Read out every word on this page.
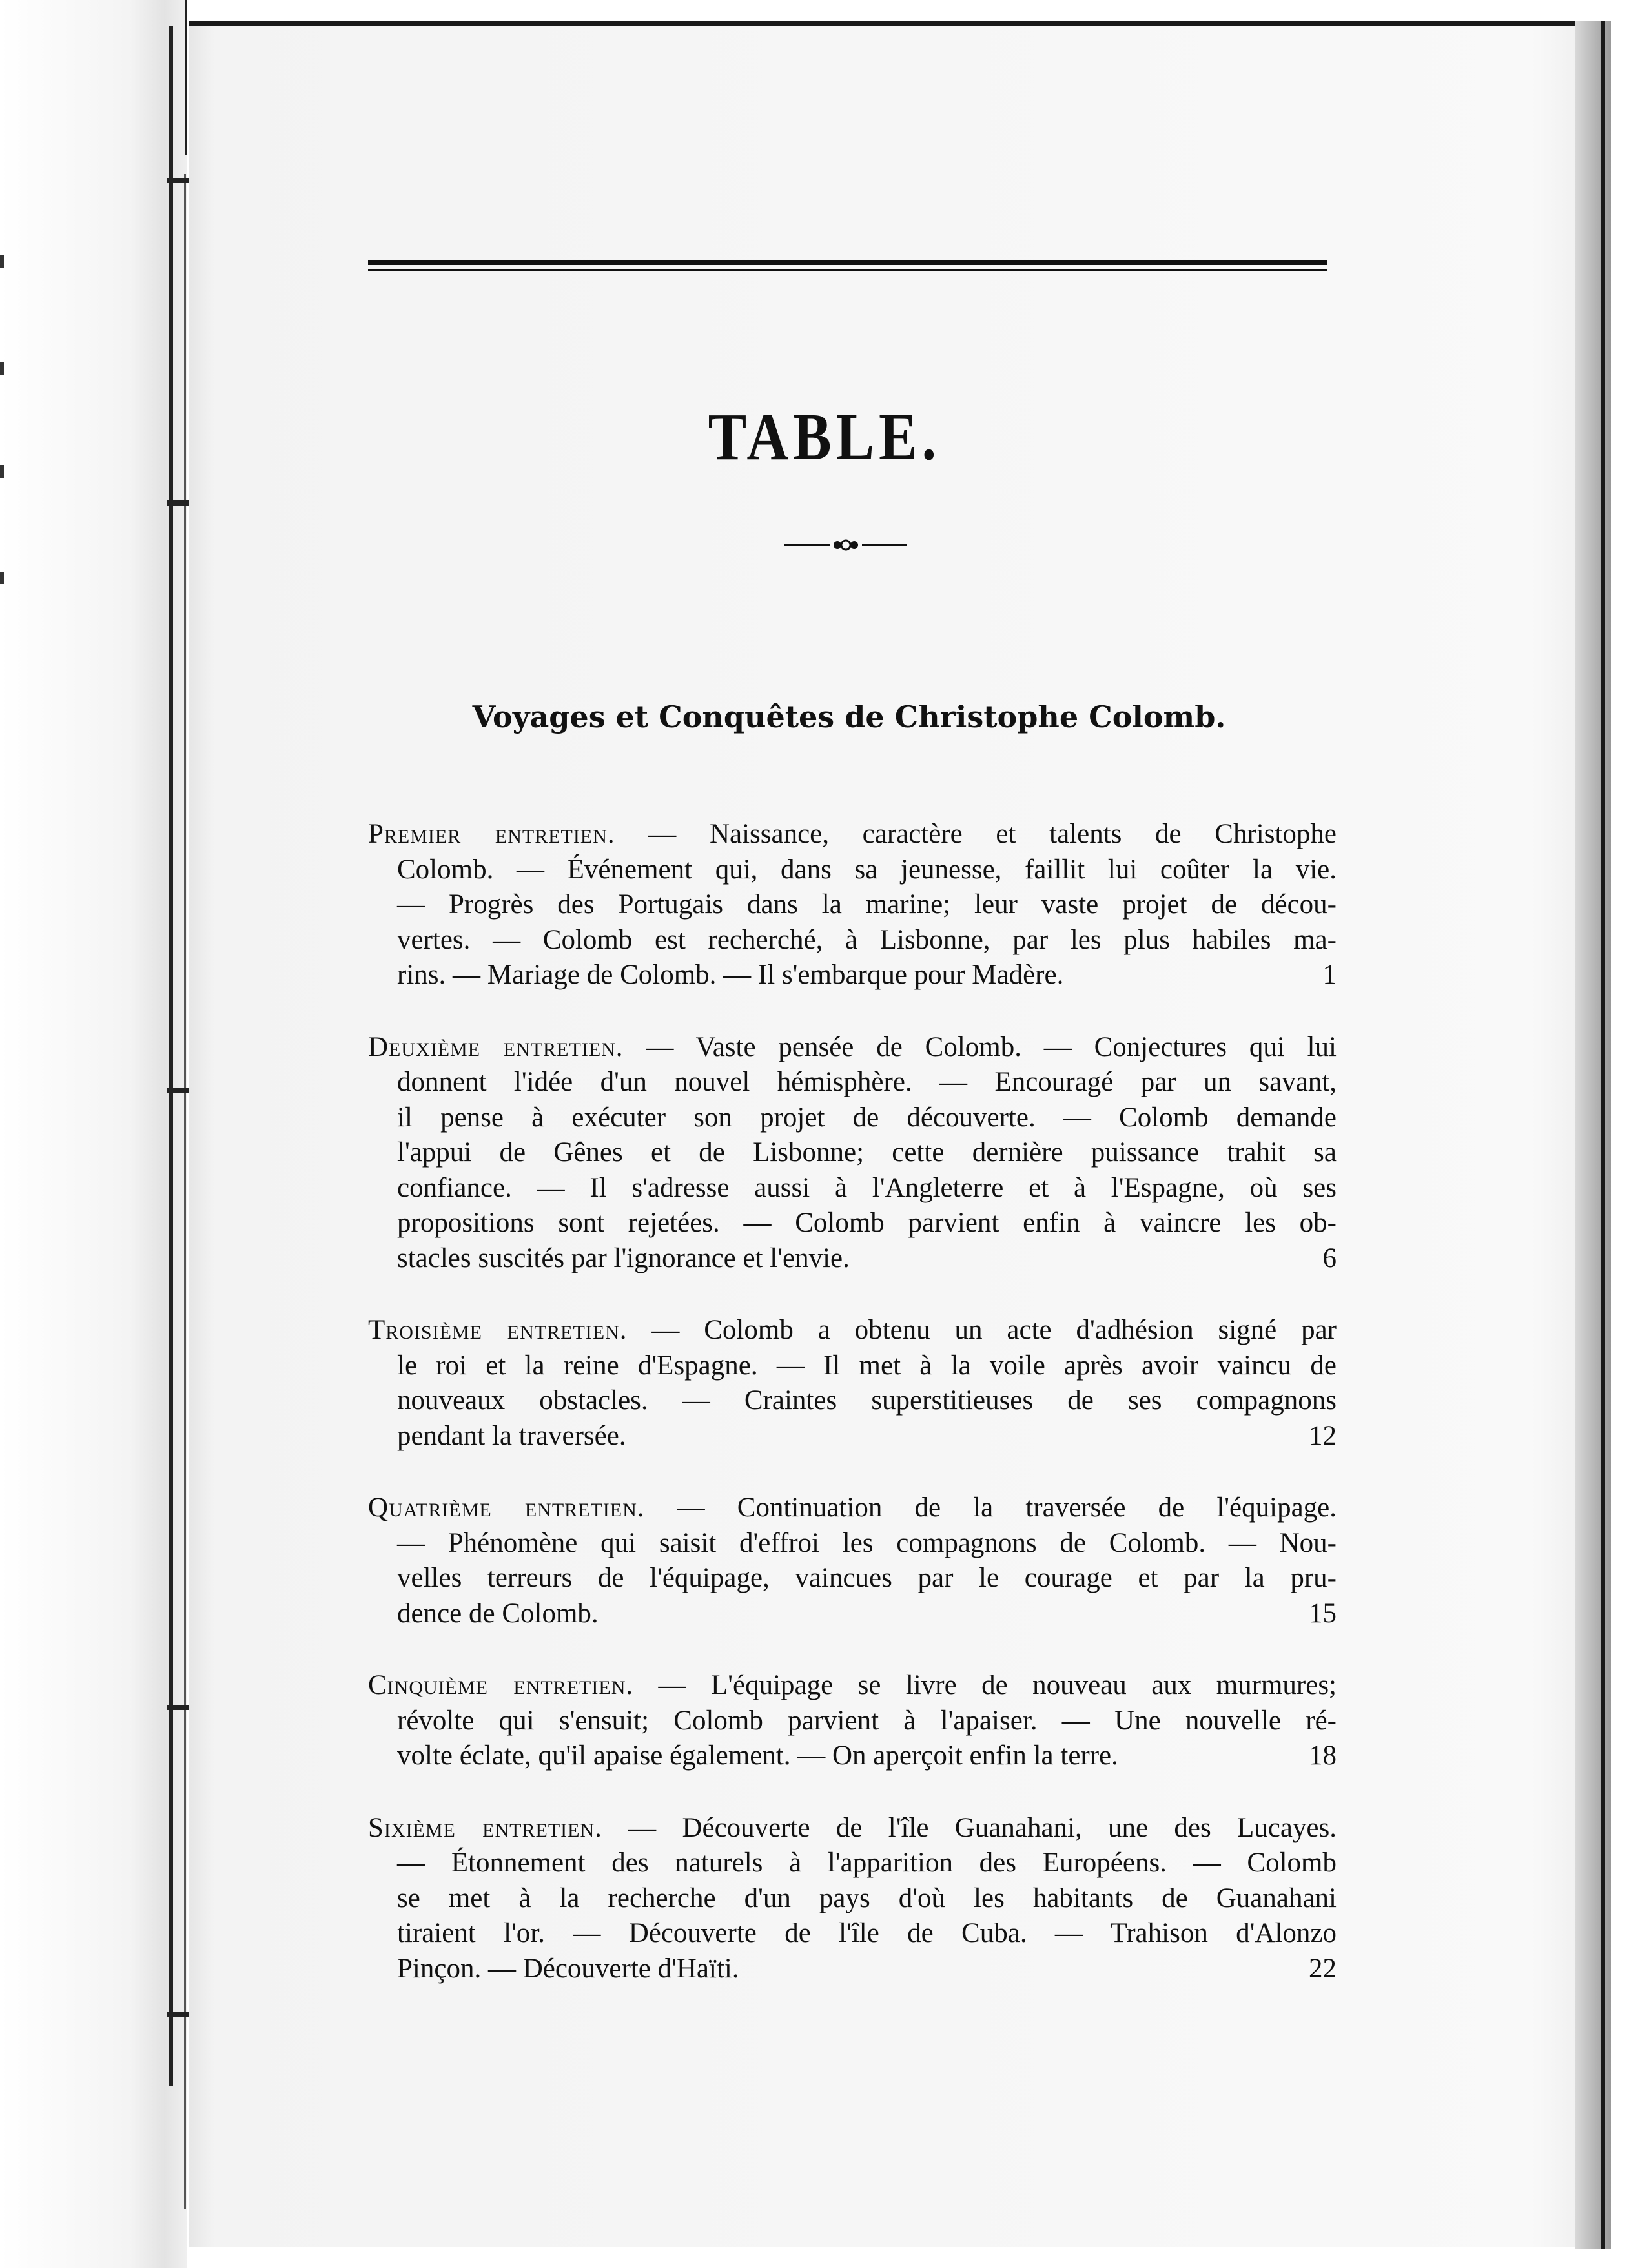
TABLE.
Voyages et Conquêtes de Christophe Colomb.
Premier entretien. — Naissance, caractère et talents de Christophe
Colomb. — Événement qui, dans sa jeunesse, faillit lui coûter la vie.
— Progrès des Portugais dans la marine; leur vaste projet de décou-
vertes. — Colomb est recherché, à Lisbonne, par les plus habiles ma-
rins. — Mariage de Colomb. — Il s'embarque pour Madère.	1
Deuxième entretien. — Vaste pensée de Colomb. — Conjectures qui lui
donnent l'idée d'un nouvel hémisphère. — Encouragé par un savant,
il pense à exécuter son projet de découverte. — Colomb demande
l'appui de Gênes et de Lisbonne; cette dernière puissance trahit sa
confiance. — Il s'adresse aussi à l'Angleterre et à l'Espagne, où ses
propositions sont rejetées. — Colomb parvient enfin à vaincre les ob-
stacles suscités par l'ignorance et l'envie.	6
Troisième entretien. — Colomb a obtenu un acte d'adhésion signé par
le roi et la reine d'Espagne. — Il met à la voile après avoir vaincu de
nouveaux obstacles. — Craintes superstitieuses de ses compagnons
pendant la traversée.	12
Quatrième entretien. — Continuation de la traversée de l'équipage.
— Phénomène qui saisit d'effroi les compagnons de Colomb. — Nou-
velles terreurs de l'équipage, vaincues par le courage et par la pru-
dence de Colomb.	15
Cinquième entretien. — L'équipage se livre de nouveau aux murmures;
révolte qui s'ensuit; Colomb parvient à l'apaiser. — Une nouvelle ré-
volte éclate, qu'il apaise également. — On aperçoit enfin la terre.	18
Sixième entretien. — Découverte de l'île Guanahani, une des Lucayes.
— Étonnement des naturels à l'apparition des Européens. — Colomb
se met à la recherche d'un pays d'où les habitants de Guanahani
tiraient l'or. — Découverte de l'île de Cuba. — Trahison d'Alonzo
Pinçon. — Découverte d'Haïti.	22
